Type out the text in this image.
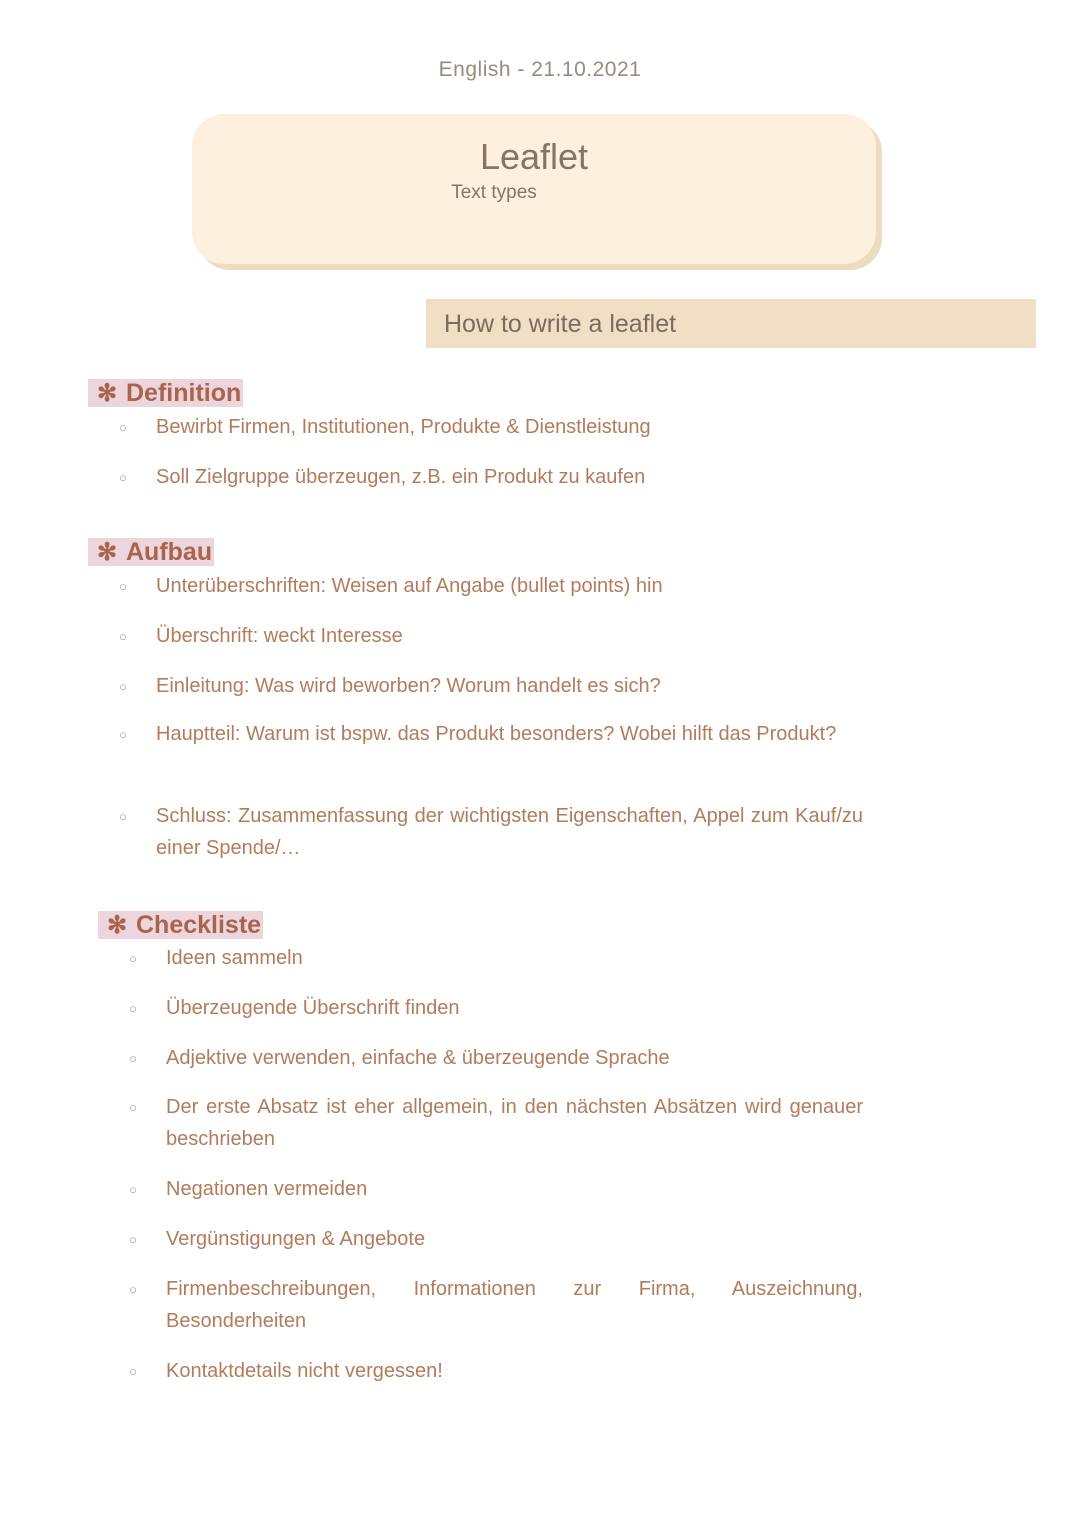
English - 21.10.2021
Leaflet
Text types
How to write a leaflet
✻ Definition
○	Bewirbt Firmen, Institutionen, Produkte & Dienstleistung
○	Soll Zielgruppe überzeugen, z.B. ein Produkt zu kaufen
✻ Aufbau
○	Unterüberschriften: Weisen auf Angabe (bullet points) hin
○	Überschrift: weckt Interesse
○	Einleitung: Was wird beworben? Worum handelt es sich?
○	Hauptteil: Warum ist bspw. das Produkt besonders? Wobei hilft das Produkt?
○	Schluss: Zusammenfassung der wichtigsten Eigenschaften, Appel zum Kauf/zu einer Spende/…
✻ Checkliste
○	Ideen sammeln
○	Überzeugende Überschrift finden
○	Adjektive verwenden, einfache & überzeugende Sprache
○	Der erste Absatz ist eher allgemein, in den nächsten Absätzen wird genauer beschrieben
○	Negationen vermeiden
○	Vergünstigungen & Angebote
○	Firmenbeschreibungen, Informationen zur Firma, Auszeichnung, Besonderheiten
○	Kontaktdetails nicht vergessen!
